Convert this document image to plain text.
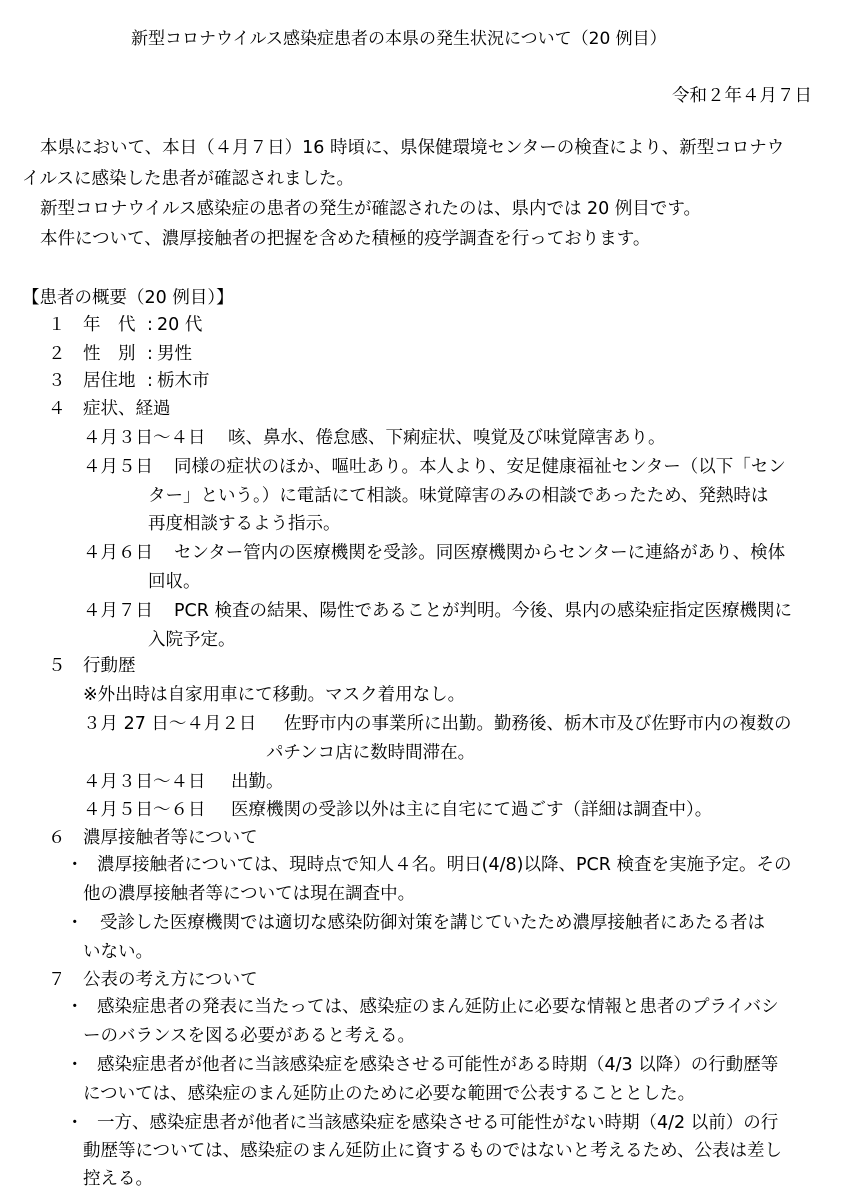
新型コロナウイルス感染症患者の本県の発生状況について（20 例目）
令和２年４月７日
本県において、本日（４月７日）16 時頃に、県保健環境センターの検査により、新型コロナウ
イルスに感染した患者が確認されました。
新型コロナウイルス感染症の患者の発生が確認されたのは、県内では 20 例目です。
本件について、濃厚接触者の把握を含めた積極的疫学調査を行っております。
【患者の概要（20 例目）】
１ 年　代 : 20 代
２ 性　別 : 男性
３ 居住地 : 栃木市
４ 症状、経過
４月３日～４日 咳、鼻水、倦怠感、下痢症状、嗅覚及び味覚障害あり。
４月５日 同様の症状のほか、嘔吐あり。本人より、安足健康福祉センター（以下「セン
ター」という。）に電話にて相談。味覚障害のみの相談であったため、発熱時は
再度相談するよう指示。
４月６日 センター管内の医療機関を受診。同医療機関からセンターに連絡があり、検体
回収。
４月７日 PCR 検査の結果、陽性であることが判明。今後、県内の感染症指定医療機関に
入院予定。
５ 行動歴
※外出時は自家用車にて移動。マスク着用なし。
３月 27 日～４月２日 佐野市内の事業所に出勤。勤務後、栃木市及び佐野市内の複数の
パチンコ店に数時間滞在。
４月３日～４日 出勤。
４月５日～６日 医療機関の受診以外は主に自宅にて過ごす（詳細は調査中）。
６ 濃厚接触者等について
・ 濃厚接触者については、現時点で知人４名。明日(4/8)以降、PCR 検査を実施予定。その
他の濃厚接触者等については現在調査中。
・ 受診した医療機関では適切な感染防御対策を講じていたため濃厚接触者にあたる者は
いない。
７ 公表の考え方について
・ 感染症患者の発表に当たっては、感染症のまん延防止に必要な情報と患者のプライバシ
ーのバランスを図る必要があると考える。
・ 感染症患者が他者に当該感染症を感染させる可能性がある時期（4/3 以降）の行動歴等
については、感染症のまん延防止のために必要な範囲で公表することとした。
・ 一方、感染症患者が他者に当該感染症を感染させる可能性がない時期（4/2 以前）の行
動歴等については、感染症のまん延防止に資するものではないと考えるため、公表は差し
控える。
